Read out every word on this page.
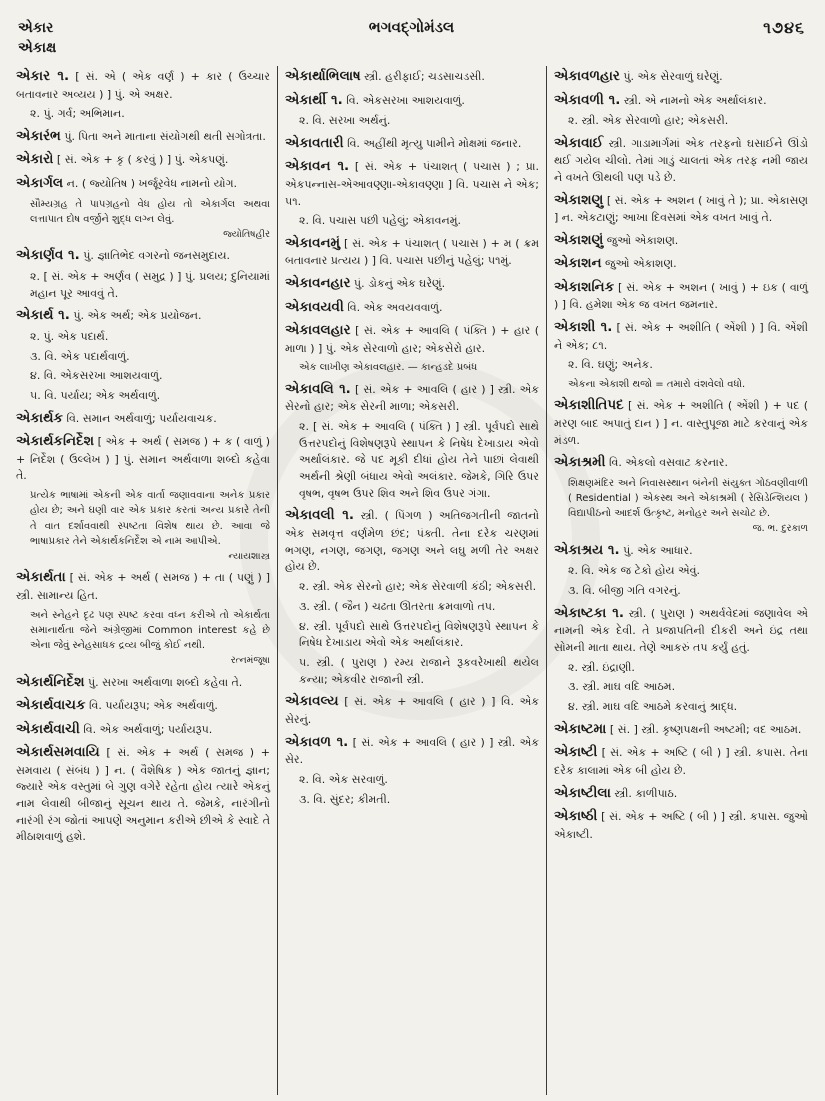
એકાર
એકાક્ષ
ભગવદ્ગોમંડલ	૧૭૪૬

એકાર ૧. [ સં. એ ( એક વર્ણ ) + કાર ( ઉચ્ચાર બતાવનાર અવ્યય ) ] પું. એ અક્ષર.

૨. પું. ગર્વ; અભિમાન.

એકારંભ પું. પિતા અને માતાના સંયોગથી થતી સગોત્રતા.

એકારો [ સં. એક + કૃ ( કરવું ) ] પું. એકપણું.

એકાર્ગલ ન. ( જ્યોતિષ ) ખર્જૂરવેધ નામનો યોગ.

સૌમ્યગ્રહ તે પાપગ્રહનો વેધ હોય તો એકાર્ગલ અથવા લત્તાપાત દોષ વર્જીને શુદ્ધ લગ્ન લેવું.

જ્યોતિષહીર

એકાર્ણવ ૧. પું. જ્ઞાતિભેદ વગરનો જનસમુદાય.

૨. [ સં. એક + અર્ણવ ( સમુદ્ર ) ] પું. પ્રલય; દુનિયામાં મહાન પૂર આવવું તે.

એકાર્થ ૧. પું. એક અર્થ; એક પ્રયોજન.

૨. પું. એક પદાર્થ.

૩. વિ. એક પદાર્થવાળું.

૪. વિ. એકસરખા આશયવાળું.

૫. વિ. પર્યાય; એક અર્થવાળું.

એકાર્થક વિ. સમાન અર્થવાળું; પર્યાયવાચક.

એકાર્થકનિર્દેશ [ એક + અર્થ ( સમજ ) + ક ( વાળું ) + નિર્દેશ ( ઉલ્લેખ ) ] પું. સમાન અર્થવાળા શબ્દો કહેવા તે.

પ્રત્યેક ભાષામાં એકની એક વાર્તા જણાવવાના અનેક પ્રકાર હોય છે; અને ઘણી વાર એક પ્રકાર કરતાં અન્ય પ્રકારે તેની તે વાત દર્શાવવાથી સ્પષ્ટતા વિશેષ થાય છે. આવા જે ભાષાપ્રકાર તેને એકાર્થકનિર્દેશ એ નામ આપીએ.

ન્યાયશાસ્ત્ર

એકાર્થતા [ સં. એક + અર્થ ( સમજ ) + તા ( પણું ) ] સ્ત્રી. સામાન્ય હિત.

અને સ્નેહને દૃઢ પણ સ્પષ્ટ કરવા વધ્ન કરીએ તો એકાર્થતા સમાનાર્થતા જેને અંગ્રેજીમાં Common interest કહે છે એના જેવું સ્નેહસાધક દ્રવ્ય બીજું કોઈ નથી.

રત્નમંજૂષા

એકાર્થનિર્દેશ પું. સરખા અર્થવાળા શબ્દો કહેવા તે.

એકાર્થવાચક વિ. પર્યાયરૂપ; એક અર્થવાળું.

એકાર્થવાચી વિ. એક અર્થવાળું; પર્યાયરૂપ.

એકાર્થસમવાયિ [ સં. એક + અર્થ ( સમજ ) + સમવાય ( સંબંધ ) ] ન. ( વૈશેષિક ) એક જાતનું જ્ઞાન; જ્યારે એક વસ્તુમાં બે ગુણ વગેરે રહેતા હોય ત્યારે એકનું નામ લેવાથી બીજાનું સૂચન થાય તે. જેમકે, નારંગીનો નારંગી રંગ જોતાં આપણે અનુમાન કરીએ છીએ કે સ્વાદે તે મીઠાશવાળું હશે.

એકાર્થાભિલાષ સ્ત્રી. હરીફાઈ; ચડસાચડસી.

એકાર્થી ૧. વિ. એકસરખા આશયવાળું.

૨. વિ. સરખા અર્થનું.

એકાવતારી વિ. અહીંથી મૃત્યુ પામીને મોક્ષમાં જનાર.

એકાવન ૧. [ સં. એક + પંચાશત્ ( પચાસ ) ; પ્રા. એકપન્નાસ-એઆવણ્ણા-એકાવણ્ણા ] વિ. પચાસ ને એક; ૫૧.

૨. વિ. પચાસ પછી પહેલું; એકાવનમું.

એકાવનમું [ સં. એક + પંચાશત્ ( પચાસ ) + મ ( ક્રમ બતાવનાર પ્રત્યય ) ] વિ. પચાસ પછીનું પહેલું; ૫૧મું.

એકાવનહાર પું. ડોકનું એક ઘરેણું.

એકાવયવી વિ. એક અવયવવાળું.

એકાવલહાર [ સં. એક + આવલિ ( પંક્તિ ) + હાર ( માળા ) ] પું. એક સેરવાળો હાર; એકસેરો હાર.

એક લાખીણ એકાવલહાર. — કાન્હડદે પ્રબંધ

એકાવલિ ૧. [ સં. એક + આવલિ ( હાર ) ] સ્ત્રી. એક સેરનો હાર; એક સેરની માળા; એકસરી.

૨. [ સં. એક + આવલિ ( પંક્તિ ) ] સ્ત્રી. પૂર્વપદો સાથે ઉત્તરપદોનું વિશેષણરૂપે સ્થાપન કે નિષેધ દેખાડાય એવો અર્થાલંકાર. જે પદ મૂકી દીધાં હોય તેને પાછાં લેવાથી અર્થની શ્રેણી બંધાય એવો અલંકાર. જેમકે, ગિરિ ઉપર વૃષભ, વૃષભ ઉપર શિવ અને શિવ ઉપર ગંગા.

એકાવલી ૧. સ્ત્રી. ( પિંગળ ) અતિજગતીની જાતનો એક સમવૃત્ત વર્ણમેળ છંદ; પંક્તી. તેના દરેક ચરણમાં ભગણ, નગણ, જગણ, જગણ અને લઘુ મળી તેર અક્ષર હોય છે.

૨. સ્ત્રી. એક સેરનો હાર; એક સેરવાળી કંઠી; એકસરી.

૩. સ્ત્રી. ( જૈન ) ચઢતા ઊતરતા ક્રમવાળો તપ.

૪. સ્ત્રી. પૂર્વપદો સાથે ઉત્તરપદોનું વિશેષણરૂપે સ્થાપન કે નિષેધ દેખાડાય એવો એક અર્થાલંકાર.

૫. સ્ત્રી. ( પુરાણ ) રમ્ય રાજાને રૂકવરેખાથી થયેલ કન્યા; એકવીર રાજાની સ્ત્રી.

એકાવલ્ય [ સં. એક + આવલિ ( હાર ) ] વિ. એક સેરનું.

એકાવળ ૧. [ સં. એક + આવલિ ( હાર ) ] સ્ત્રી. એક સેર.

૨. વિ. એક સરવાળું.

૩. વિ. સુંદર; કીમતી.

એકાવળહાર પું. એક સેરવાળું ઘરેણું.

એકાવળી ૧. સ્ત્રી. એ નામનો એક અર્થાલંકાર.

૨. સ્ત્રી. એક સેરવાળો હાર; એકસરી.

એકાવાઈ સ્ત્રી. ગાડામાર્ગમાં એક તરફનો ઘસાઈને ઊંડો થઈ ગયેલ ચીલો. તેમાં ગાડું ચાલતાં એક તરફ નમી જાય ને વખતે ઊથલી પણ પડે છે.

એકાશણુ [ સં. એક + અશન ( ખાવું તે ); પ્રા. એકાસણ ] ન. એકટાણું; આખા દિવસમાં એક વખત ખાવું તે.

એકાશણું જુઓ એકાશણ.

એકાશન જુઓ એકાશણ.

એકાશનિક [ સં. એક + અશન ( ખાવું ) + ઇક ( વાળું ) ] વિ. હમેશા એક જ વખત જમનાર.

એકાશી ૧. [ સં. એક + અશીતિ ( એંશી ) ] વિ. એંશી ને એક; ૮૧.

૨. વિ. ઘણું; અનેક.

એકના એકાશી થજો = તમારો વંશવેલો વધો.

એકાશીતિપદ [ સં. એક + અશીતિ ( એંશી ) + પદ ( મરણ બાદ અપાતું દાન ) ] ન. વાસ્તુપૂજા માટે કરવાનું એક મંડળ.

એકાશ્રમી વિ. એકલો વસવાટ કરનાર.

શિક્ષણમંદિર અને નિવાસસ્થાન બંનેની સંયુક્ત ગોઠવણીવાળી ( Residential ) એકસ્થ અને એકાશ્રમી ( રેસિડેન્શિયલ ) વિદ્યાપીઠનો આદર્શ ઉત્કૃષ્ટ, મનોહર અને સચોટ છે.

જ. ભ. દુરકાળ

એકાશ્રય ૧. પું. એક આધાર.

૨. વિ. એક જ ટેકો હોય એવું.

૩. વિ. બીજી ગતિ વગરનું.

એકાષ્ટકા ૧. સ્ત્રી. ( પુરાણ ) અથર્વવેદમાં જણાવેલ એ નામની એક દેવી. તે પ્રજાપતિની દીકરી અને ઇંદ્ર તથા સોમની માતા થાય. તેણે આકરું તપ કર્યું હતું.

૨. સ્ત્રી. ઇંદ્રાણી.

૩. સ્ત્રી. માઘ વદિ આઠમ.

૪. સ્ત્રી. માઘ વદિ આઠમે કરવાનું શ્રાદ્ધ.

એકાષ્ટમા [ સં. ] સ્ત્રી. કૃષ્ણપક્ષની અષ્ટમી; વદ આઠમ.

એકાષ્ટી [ સં. એક + અષ્ટિ ( બી ) ] સ્ત્રી. કપાસ. તેના દરેક કાલામાં એક બી હોય છે.

એકાષ્ટીલા સ્ત્રી. કાળીપાઠ.

એકાષ્ઠી [ સં. એક + અષ્ટિ ( બી ) ] સ્ત્રી. કપાસ. જુઓ એકાષ્ટી.
